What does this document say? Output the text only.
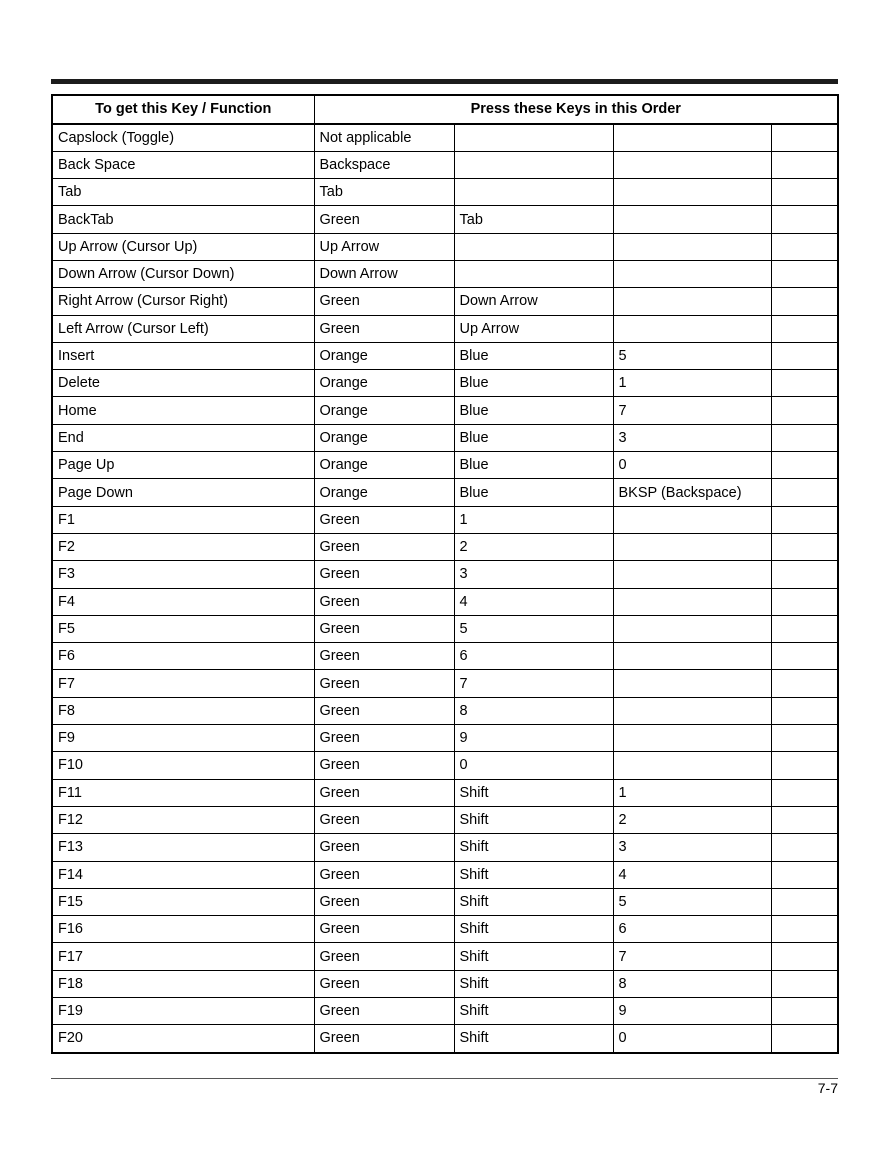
To get this Key / Function	Press these Keys in this Order			
Capslock (Toggle)	Not applicable			
Back Space	Backspace			
Tab	Tab			
BackTab	Green	Tab		
Up Arrow (Cursor Up)	Up Arrow			
Down Arrow (Cursor Down)	Down Arrow			
Right Arrow (Cursor Right)	Green	Down Arrow		
Left Arrow (Cursor Left)	Green	Up Arrow		
Insert	Orange	Blue	5	
Delete	Orange	Blue	1	
Home	Orange	Blue	7	
End	Orange	Blue	3	
Page Up	Orange	Blue	0	
Page Down	Orange	Blue	BKSP (Backspace)	
F1	Green	1		
F2	Green	2		
F3	Green	3		
F4	Green	4		
F5	Green	5		
F6	Green	6		
F7	Green	7		
F8	Green	8		
F9	Green	9		
F10	Green	0		
F11	Green	Shift	1	
F12	Green	Shift	2	
F13	Green	Shift	3	
F14	Green	Shift	4	
F15	Green	Shift	5	
F16	Green	Shift	6	
F17	Green	Shift	7	
F18	Green	Shift	8	
F19	Green	Shift	9	
F20	Green	Shift	0	
7-7
